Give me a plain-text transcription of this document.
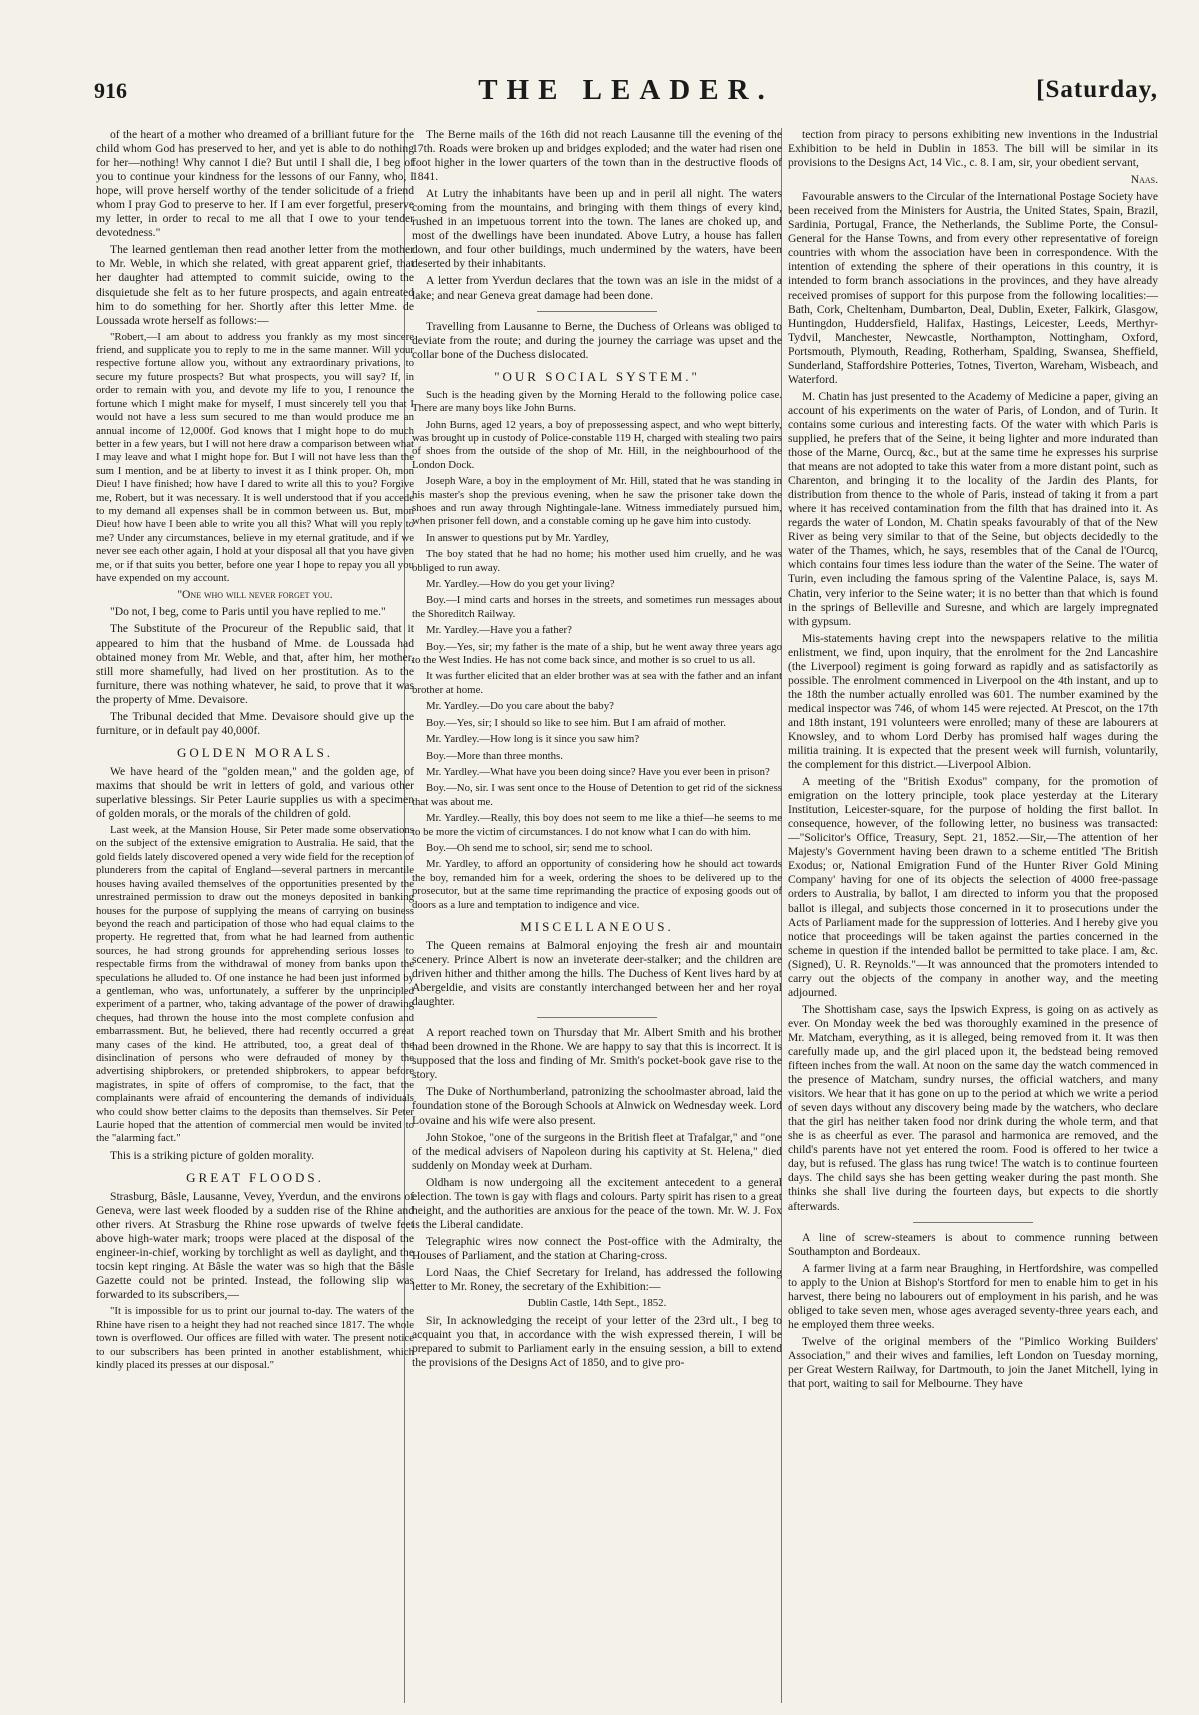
916	THE LEADER.	[Saturday,

of the heart of a mother who dreamed of a brilliant future for the child whom God has preserved to her, and yet is able to do nothing for her—nothing! Why cannot I die? But until I shall die, I beg of you to continue your kindness for the lessons of our Fanny, who, I hope, will prove herself worthy of the tender solicitude of a friend whom I pray God to preserve to her. If I am ever forgetful, preserve my letter, in order to recal to me all that I owe to your tender devotedness."

The learned gentleman then read another letter from the mother to Mr. Weble, in which she related, with great apparent grief, that her daughter had attempted to commit suicide, owing to the disquietude she felt as to her future prospects, and again entreated him to do something for her. Shortly after this letter Mme. de Loussada wrote herself as follows:—

"Robert,—I am about to address you frankly as my most sincere friend, and supplicate you to reply to me in the same manner. Will your respective fortune allow you, without any extraordinary privations, to secure my future prospects? But what prospects, you will say? If, in order to remain with you, and devote my life to you, I renounce the fortune which I might make for myself, I must sincerely tell you that I would not have a less sum secured to me than would produce me an annual income of 12,000f. God knows that I might hope to do much better in a few years, but I will not here draw a comparison between what I may leave and what I might hope for. But I will not have less than the sum I mention, and be at liberty to invest it as I think proper. Oh, mon Dieu! I have finished; how have I dared to write all this to you? Forgive me, Robert, but it was necessary. It is well understood that if you accede to my demand all expenses shall be in common between us. But, mon Dieu! how have I been able to write you all this? What will you reply to me? Under any circumstances, believe in my eternal gratitude, and if we never see each other again, I hold at your disposal all that you have given me, or if that suits you better, before one year I hope to repay you all you have expended on my account.

"One who will never forget you.

"Do not, I beg, come to Paris until you have replied to me."

The Substitute of the Procureur of the Republic said, that it appeared to him that the husband of Mme. de Loussada had obtained money from Mr. Weble, and that, after him, her mother, still more shamefully, had lived on her prostitution. As to the furniture, there was nothing whatever, he said, to prove that it was the property of Mme. Devaisore.

The Tribunal decided that Mme. Devaisore should give up the furniture, or in default pay 40,000f.

GOLDEN MORALS.

We have heard of the "golden mean," and the golden age, of maxims that should be writ in letters of gold, and various other superlative blessings. Sir Peter Laurie supplies us with a specimen of golden morals, or the morals of the children of gold.

Last week, at the Mansion House, Sir Peter made some observations on the subject of the extensive emigration to Australia. He said, that the gold fields lately discovered opened a very wide field for the reception of plunderers from the capital of England—several partners in mercantile houses having availed themselves of the opportunities presented by the unrestrained permission to draw out the moneys deposited in banking houses for the purpose of supplying the means of carrying on business beyond the reach and participation of those who had equal claims to the property. He regretted that, from what he had learned from authentic sources, he had strong grounds for apprehending serious losses to respectable firms from the withdrawal of money from banks upon the speculations he alluded to. Of one instance he had been just informed by a gentleman, who was, unfortunately, a sufferer by the unprincipled experiment of a partner, who, taking advantage of the power of drawing cheques, had thrown the house into the most complete confusion and embarrassment. But, he believed, there had recently occurred a great many cases of the kind. He attributed, too, a great deal of the disinclination of persons who were defrauded of money by the advertising shipbrokers, or pretended shipbrokers, to appear before magistrates, in spite of offers of compromise, to the fact, that the complainants were afraid of encountering the demands of individuals who could show better claims to the deposits than themselves. Sir Peter Laurie hoped that the attention of commercial men would be invited to the "alarming fact."

This is a striking picture of golden morality.

GREAT FLOODS.

Strasburg, Bâsle, Lausanne, Vevey, Yverdun, and the environs of Geneva, were last week flooded by a sudden rise of the Rhine and other rivers. At Strasburg the Rhine rose upwards of twelve feet above high-water mark; troops were placed at the disposal of the engineer-in-chief, working by torchlight as well as daylight, and the tocsin kept ringing. At Bâsle the water was so high that the Bâsle Gazette could not be printed. Instead, the following slip was forwarded to its subscribers,—

"It is impossible for us to print our journal to-day. The waters of the Rhine have risen to a height they had not reached since 1817. The whole town is overflowed. Our offices are filled with water. The present notice to our subscribers has been printed in another establishment, which kindly placed its presses at our disposal."

The Berne mails of the 16th did not reach Lausanne till the evening of the 17th. Roads were broken up and bridges exploded; and the water had risen one foot higher in the lower quarters of the town than in the destructive floods of 1841.

At Lutry the inhabitants have been up and in peril all night. The waters coming from the mountains, and bringing with them things of every kind, rushed in an impetuous torrent into the town. The lanes are choked up, and most of the dwellings have been inundated. Above Lutry, a house has fallen down, and four other buildings, much undermined by the waters, have been deserted by their inhabitants.

A letter from Yverdun declares that the town was an isle in the midst of a lake; and near Geneva great damage had been done.

Travelling from Lausanne to Berne, the Duchess of Orleans was obliged to deviate from the route; and during the journey the carriage was upset and the collar bone of the Duchess dislocated.

"OUR SOCIAL SYSTEM."

Such is the heading given by the Morning Herald to the following police case. There are many boys like John Burns.

John Burns, aged 12 years, a boy of prepossessing aspect, and who wept bitterly, was brought up in custody of Police-constable 119 H, charged with stealing two pairs of shoes from the outside of the shop of Mr. Hill, in the neighbourhood of the London Dock.

Joseph Ware, a boy in the employment of Mr. Hill, stated that he was standing in his master's shop the previous evening, when he saw the prisoner take down the shoes and run away through Nightingale-lane. Witness immediately pursued him, when prisoner fell down, and a constable coming up he gave him into custody.

In answer to questions put by Mr. Yardley,

The boy stated that he had no home; his mother used him cruelly, and he was obliged to run away.

Mr. Yardley.—How do you get your living?

Boy.—I mind carts and horses in the streets, and sometimes run messages about the Shoreditch Railway.

Mr. Yardley.—Have you a father?

Boy.—Yes, sir; my father is the mate of a ship, but he went away three years ago to the West Indies. He has not come back since, and mother is so cruel to us all.

It was further elicited that an elder brother was at sea with the father and an infant brother at home.

Mr. Yardley.—Do you care about the baby?

Boy.—Yes, sir; I should so like to see him. But I am afraid of mother.

Mr. Yardley.—How long is it since you saw him?

Boy.—More than three months.

Mr. Yardley.—What have you been doing since? Have you ever been in prison?

Boy.—No, sir. I was sent once to the House of Detention to get rid of the sickness that was about me.

Mr. Yardley.—Really, this boy does not seem to me like a thief—he seems to me to be more the victim of circumstances. I do not know what I can do with him.

Boy.—Oh send me to school, sir; send me to school.

Mr. Yardley, to afford an opportunity of considering how he should act towards the boy, remanded him for a week, ordering the shoes to be delivered up to the prosecutor, but at the same time reprimanding the practice of exposing goods out of doors as a lure and temptation to indigence and vice.

MISCELLANEOUS.

The Queen remains at Balmoral enjoying the fresh air and mountain scenery. Prince Albert is now an inveterate deer-stalker; and the children are driven hither and thither among the hills. The Duchess of Kent lives hard by at Abergeldie, and visits are constantly interchanged between her and her royal daughter.

A report reached town on Thursday that Mr. Albert Smith and his brother had been drowned in the Rhone. We are happy to say that this is incorrect. It is supposed that the loss and finding of Mr. Smith's pocket-book gave rise to the story.

The Duke of Northumberland, patronizing the schoolmaster abroad, laid the foundation stone of the Borough Schools at Alnwick on Wednesday week. Lord Lovaine and his wife were also present.

John Stokoe, "one of the surgeons in the British fleet at Trafalgar," and "one of the medical advisers of Napoleon during his captivity at St. Helena," died suddenly on Monday week at Durham.

Oldham is now undergoing all the excitement antecedent to a general election. The town is gay with flags and colours. Party spirit has risen to a great height, and the authorities are anxious for the peace of the town. Mr. W. J. Fox is the Liberal candidate.

Telegraphic wires now connect the Post-office with the Admiralty, the Houses of Parliament, and the station at Charing-cross.

Lord Naas, the Chief Secretary for Ireland, has addressed the following letter to Mr. Roney, the secretary of the Exhibition:—

Dublin Castle, 14th Sept., 1852.

Sir, In acknowledging the receipt of your letter of the 23rd ult., I beg to acquaint you that, in accordance with the wish expressed therein, I will be prepared to submit to Parliament early in the ensuing session, a bill to extend the provisions of the Designs Act of 1850, and to give pro-

tection from piracy to persons exhibiting new inventions in the Industrial Exhibition to be held in Dublin in 1853. The bill will be similar in its provisions to the Designs Act, 14 Vic., c. 8. I am, sir, your obedient servant,

Naas.

Favourable answers to the Circular of the International Postage Society have been received from the Ministers for Austria, the United States, Spain, Brazil, Sardinia, Portugal, France, the Netherlands, the Sublime Porte, the Consul-General for the Hanse Towns, and from every other representative of foreign countries with whom the association have been in correspondence. With the intention of extending the sphere of their operations in this country, it is intended to form branch associations in the provinces, and they have already received promises of support for this purpose from the following localities:—Bath, Cork, Cheltenham, Dumbarton, Deal, Dublin, Exeter, Falkirk, Glasgow, Huntingdon, Huddersfield, Halifax, Hastings, Leicester, Leeds, Merthyr-Tydvil, Manchester, Newcastle, Northampton, Nottingham, Oxford, Portsmouth, Plymouth, Reading, Rotherham, Spalding, Swansea, Sheffield, Sunderland, Staffordshire Potteries, Totnes, Tiverton, Wareham, Wisbeach, and Waterford.

M. Chatin has just presented to the Academy of Medicine a paper, giving an account of his experiments on the water of Paris, of London, and of Turin. It contains some curious and interesting facts. Of the water with which Paris is supplied, he prefers that of the Seine, it being lighter and more indurated than those of the Marne, Ourcq, &c., but at the same time he expresses his surprise that means are not adopted to take this water from a more distant point, such as Charenton, and bringing it to the locality of the Jardin des Plants, for distribution from thence to the whole of Paris, instead of taking it from a part where it has received contamination from the filth that has drained into it. As regards the water of London, M. Chatin speaks favourably of that of the New River as being very similar to that of the Seine, but objects decidedly to the water of the Thames, which, he says, resembles that of the Canal de l'Ourcq, which contains four times less iodure than the water of the Seine. The water of Turin, even including the famous spring of the Valentine Palace, is, says M. Chatin, very inferior to the Seine water; it is no better than that which is found in the springs of Belleville and Suresne, and which are largely impregnated with gypsum.

Mis-statements having crept into the newspapers relative to the militia enlistment, we find, upon inquiry, that the enrolment for the 2nd Lancashire (the Liverpool) regiment is going forward as rapidly and as satisfactorily as possible. The enrolment commenced in Liverpool on the 4th instant, and up to the 18th the number actually enrolled was 601. The number examined by the medical inspector was 746, of whom 145 were rejected. At Prescot, on the 17th and 18th instant, 191 volunteers were enrolled; many of these are labourers at Knowsley, and to whom Lord Derby has promised half wages during the militia training. It is expected that the present week will furnish, voluntarily, the complement for this district.—Liverpool Albion.

A meeting of the "British Exodus" company, for the promotion of emigration on the lottery principle, took place yesterday at the Literary Institution, Leicester-square, for the purpose of holding the first ballot. In consequence, however, of the following letter, no business was transacted:—"Solicitor's Office, Treasury, Sept. 21, 1852.—Sir,—The attention of her Majesty's Government having been drawn to a scheme entitled 'The British Exodus; or, National Emigration Fund of the Hunter River Gold Mining Company' having for one of its objects the selection of 4000 free-passage orders to Australia, by ballot, I am directed to inform you that the proposed ballot is illegal, and subjects those concerned in it to prosecutions under the Acts of Parliament made for the suppression of lotteries. And I hereby give you notice that proceedings will be taken against the parties concerned in the scheme in question if the intended ballot be permitted to take place. I am, &c. (Signed), U. R. Reynolds."—It was announced that the promoters intended to carry out the objects of the company in another way, and the meeting adjourned.

The Shottisham case, says the Ipswich Express, is going on as actively as ever. On Monday week the bed was thoroughly examined in the presence of Mr. Matcham, everything, as it is alleged, being removed from it. It was then carefully made up, and the girl placed upon it, the bedstead being removed fifteen inches from the wall. At noon on the same day the watch commenced in the presence of Matcham, sundry nurses, the official watchers, and many visitors. We hear that it has gone on up to the period at which we write a period of seven days without any discovery being made by the watchers, who declare that the girl has neither taken food nor drink during the whole term, and that she is as cheerful as ever. The parasol and harmonica are removed, and the child's parents have not yet entered the room. Food is offered to her twice a day, but is refused. The glass has rung twice! The watch is to continue fourteen days. The child says she has been getting weaker during the past month. She thinks she shall live during the fourteen days, but expects to die shortly afterwards.

A line of screw-steamers is about to commence running between Southampton and Bordeaux.

A farmer living at a farm near Braughing, in Hertfordshire, was compelled to apply to the Union at Bishop's Stortford for men to enable him to get in his harvest, there being no labourers out of employment in his parish, and he was obliged to take seven men, whose ages averaged seventy-three years each, and he employed them three weeks.

Twelve of the original members of the "Pimlico Working Builders' Association," and their wives and families, left London on Tuesday morning, per Great Western Railway, for Dartmouth, to join the Janet Mitchell, lying in that port, waiting to sail for Melbourne. They have
